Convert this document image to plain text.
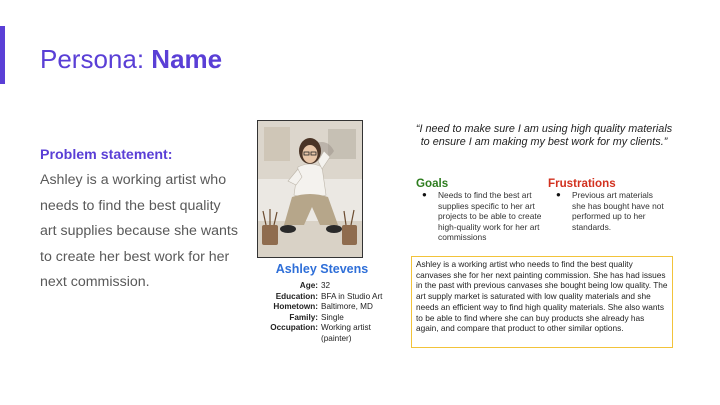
Persona: Name
Problem statement:
Ashley is a working artist who needs to find the best quality art supplies because she wants to create her best work for her next commission.
Ashley Stevens
Age: 32
Education: BFA in Studio Art
Hometown: Baltimore, MD
Family: Single
Occupation: Working artist (painter)
“I need to make sure I am using high quality materials to ensure I am making my best work for my clients.”
Goals	Frustrations
●	Needs to find the best art supplies specific to her art projects to be able to create high-quality work for her art commissions
●	Previous art materials she has bought have not performed up to her standards.
Ashley is a working artist who needs to find the best quality canvases she for her next painting commission. She has had issues in the past with previous canvases she bought being low quality. The art supply market is saturated with low quality materials and she needs an efficient way to find high quality materials. She also wants to be able to find where she can buy products she already has again, and compare that product to other similar options.
